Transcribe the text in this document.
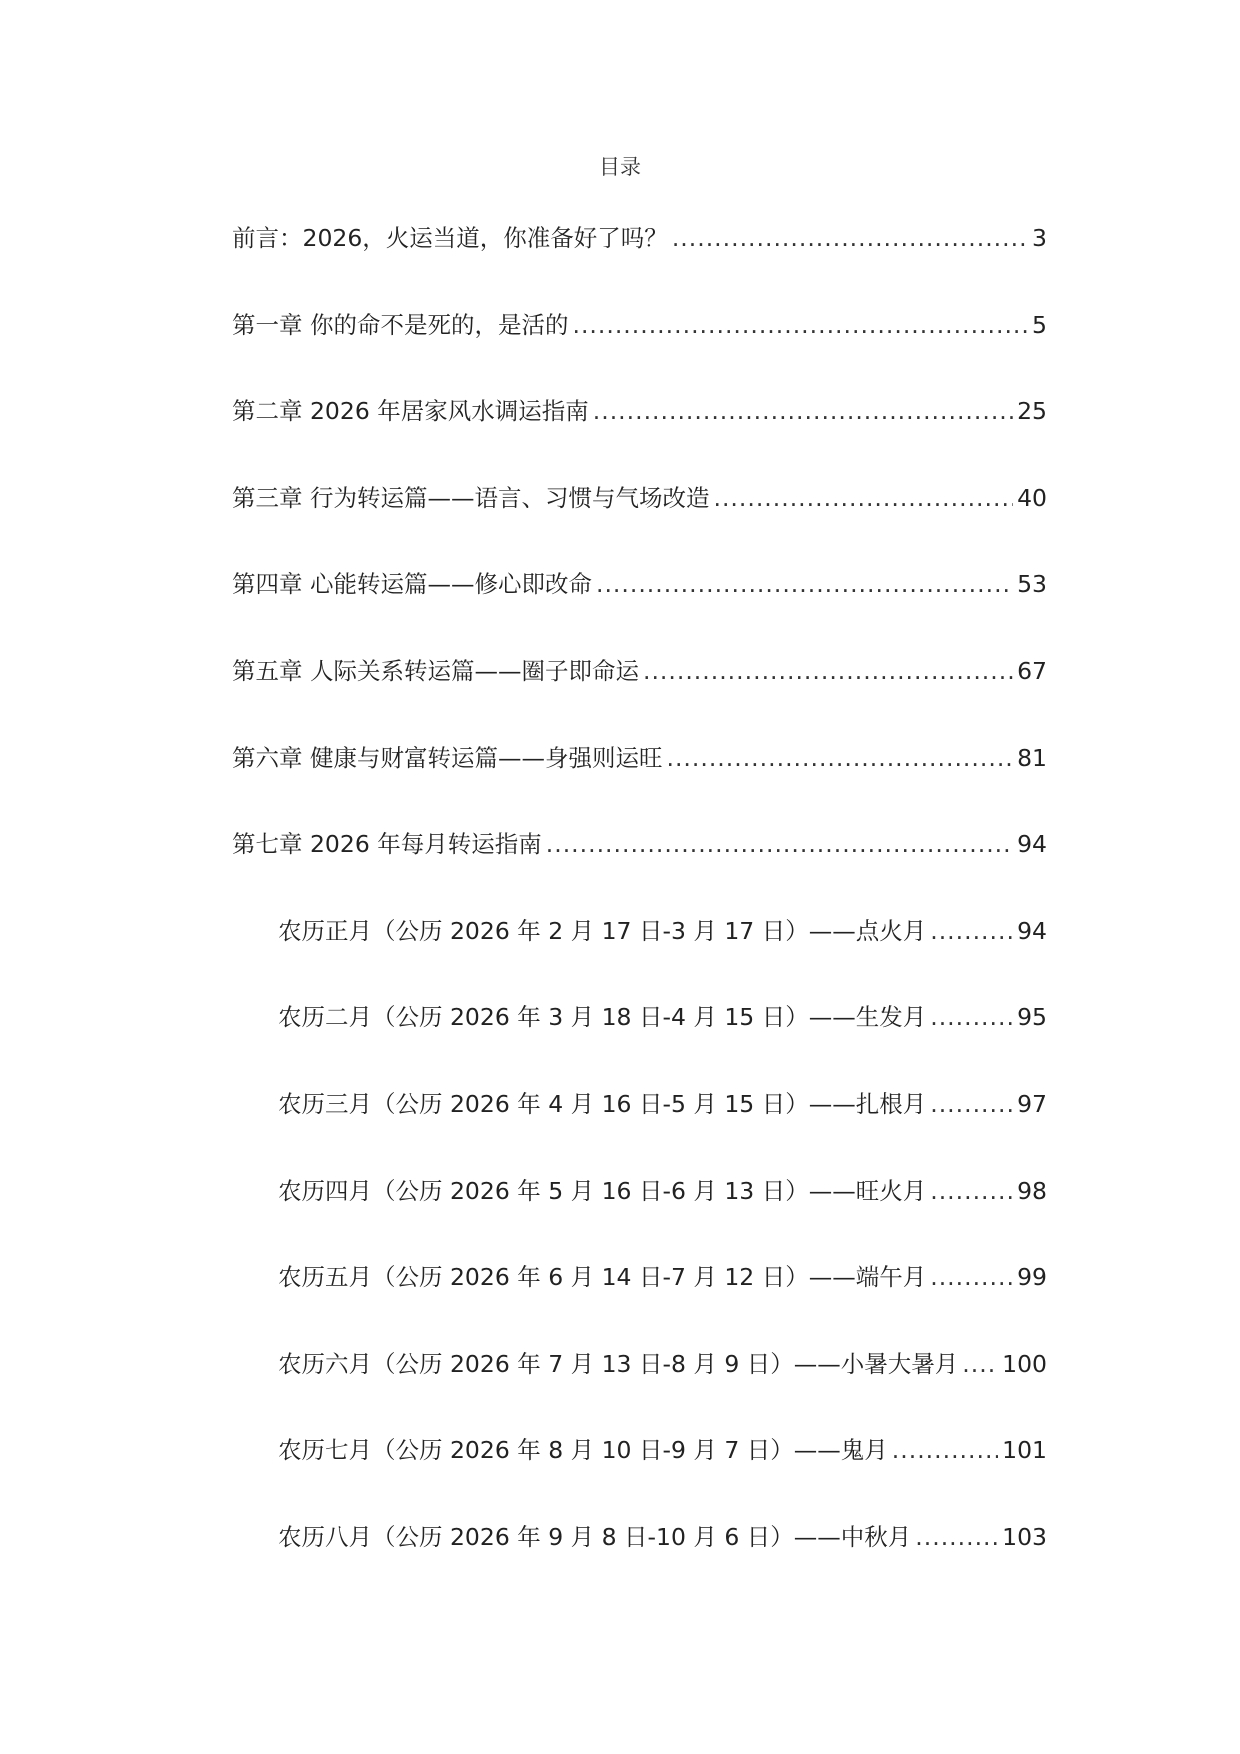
目录
前言：2026，火运当道，你准备好了吗？ .....	3
第一章 你的命不是死的，是活的 .....	5
第二章 2026 年居家风水调运指南 .....	25
第三章 行为转运篇——语言、习惯与气场改造 .....	40
第四章 心能转运篇——修心即改命 .....	53
第五章 人际关系转运篇——圈子即命运 .....	67
第六章 健康与财富转运篇——身强则运旺 .....	81
第七章 2026 年每月转运指南 .....	94
农历正月（公历 2026 年 2 月 17 日-3 月 17 日）——点火月 .....	94
农历二月（公历 2026 年 3 月 18 日-4 月 15 日）——生发月 .....	95
农历三月（公历 2026 年 4 月 16 日-5 月 15 日）——扎根月 .....	97
农历四月（公历 2026 年 5 月 16 日-6 月 13 日）——旺火月 .....	98
农历五月（公历 2026 年 6 月 14 日-7 月 12 日）——端午月 .....	99
农历六月（公历 2026 年 7 月 13 日-8 月 9 日）——小暑大暑月 ..... 100
农历七月（公历 2026 年 8 月 10 日-9 月 7 日）——鬼月 .....	101
农历八月（公历 2026 年 9 月 8 日-10 月 6 日）——中秋月 .....	103
